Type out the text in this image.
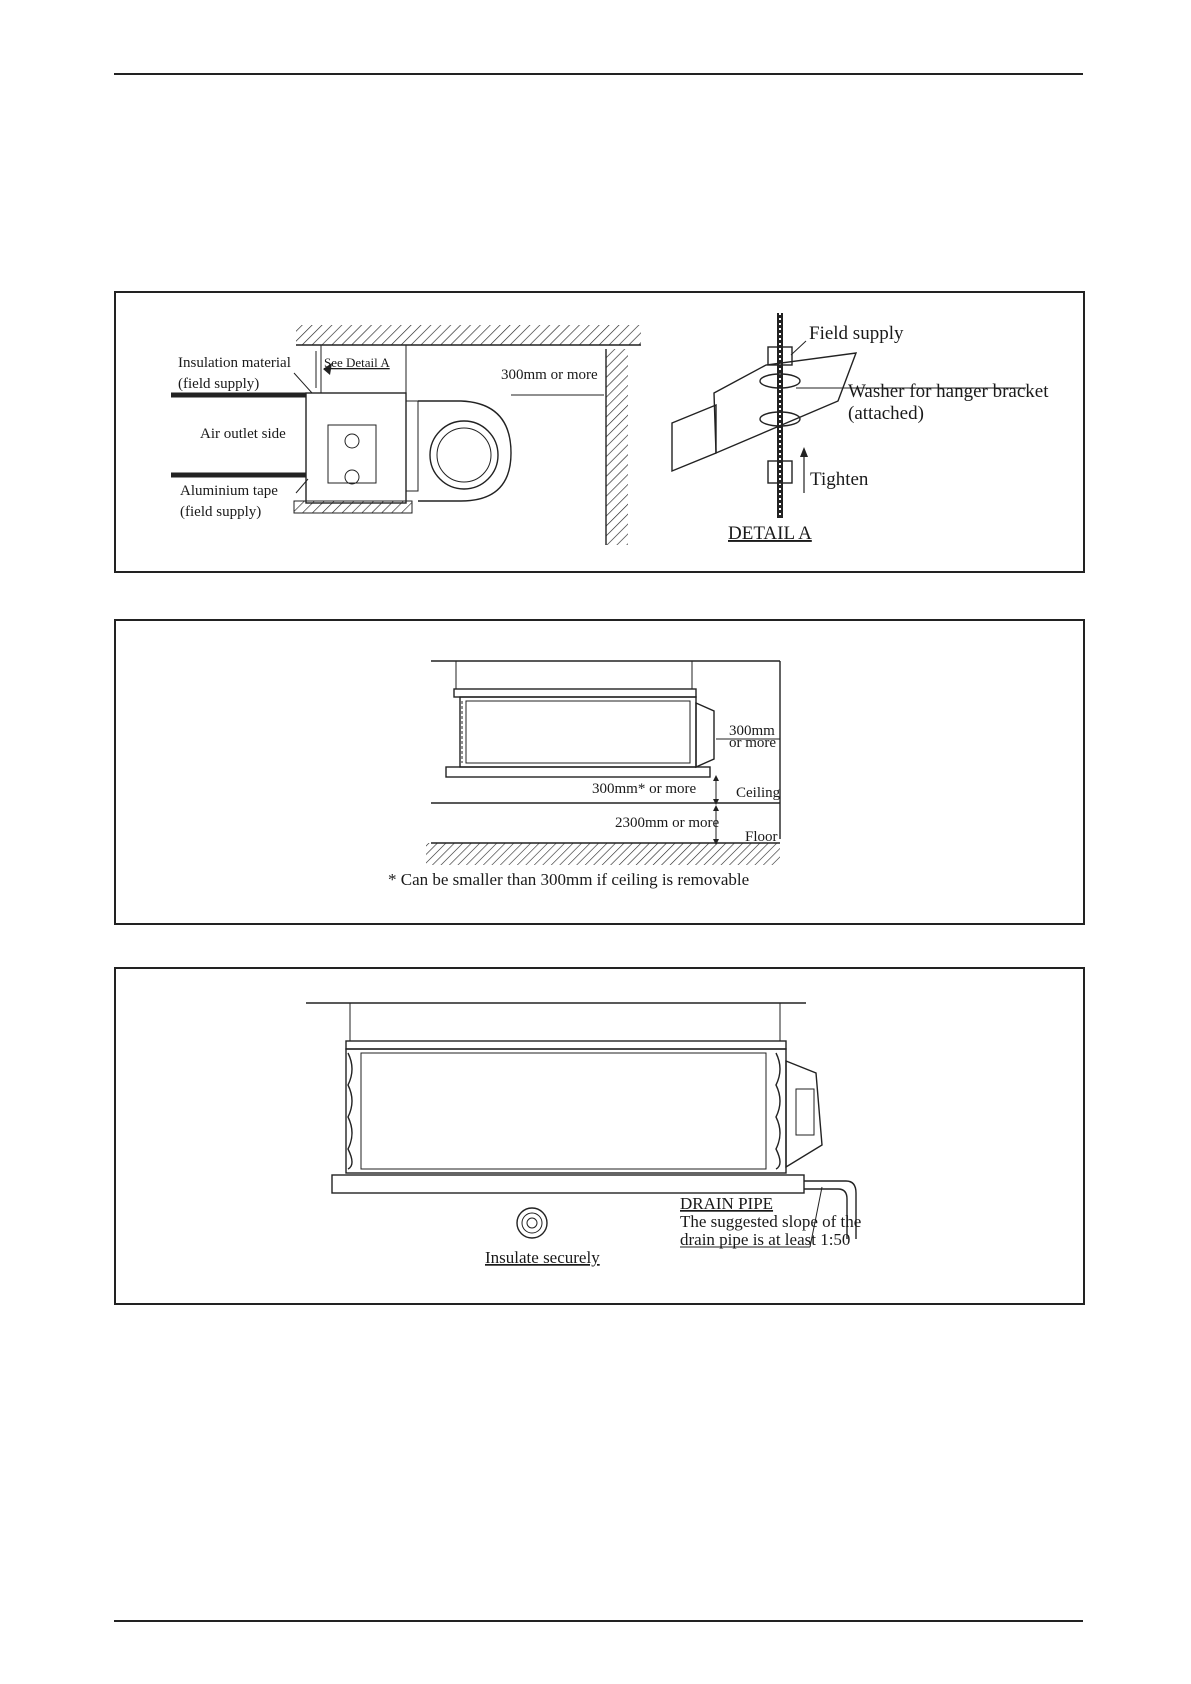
Insulation material
(field supply)
See Detail A
300mm or more
Air outlet side
Aluminium tape
(field supply)
Field supply
Washer for hanger bracket
(attached)
Tighten
DETAIL A
300mm
or more
300mm* or more	Ceiling
2300mm or more
Floor
* Can be smaller than 300mm if ceiling is removable
DRAIN PIPE
The suggested slope of the
drain pipe is at least 1:50
Insulate securely
